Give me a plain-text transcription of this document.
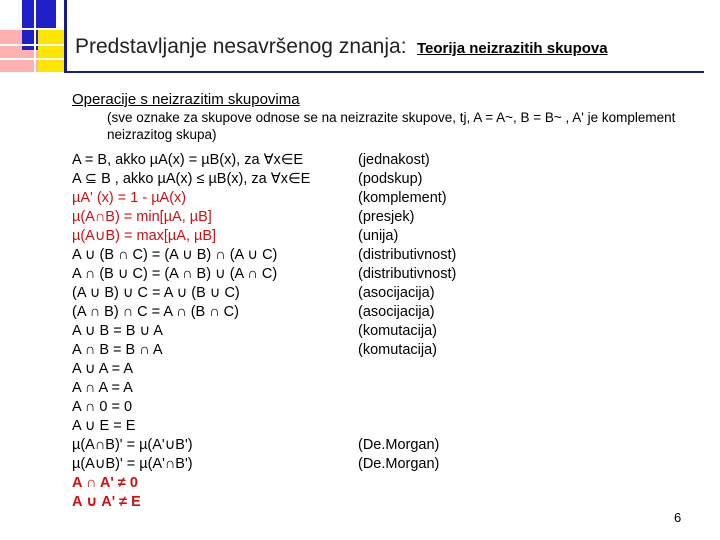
Predstavljanje nesavršenog znanja: Teorija neizrazitih skupova
Operacije s neizrazitim skupovima
(sve oznake za skupove odnose se na neizrazite skupove, tj, A = A~, B = B~ , A' je komplement neizrazitog skupa)
A = B, akko µA(x) = µB(x), za ∀x∈E	(jednakost)
A ⊆ B , akko µA(x) ≤ µB(x), za ∀x∈E	(podskup)
µA' (x) = 1 - µA(x)	(komplement)
µ(A∩B) = min[µA, µB]	(presjek)
µ(A∪B) = max[µA, µB]	(unija)
A ∪ (B ∩ C) = (A ∪ B) ∩ (A ∪ C)	(distributivnost)
A ∩ (B ∪ C) = (A ∩ B) ∪ (A ∩ C)	(distributivnost)
(A ∪ B) ∪ C = A ∪ (B ∪ C)	(asocijacija)
(A ∩ B) ∩ C = A ∩ (B ∩ C)	(asocijacija)
A ∪ B = B ∪ A	(komutacija)
A ∩ B = B ∩ A	(komutacija)
A ∪ A = A
A ∩ A = A
A ∩ 0 = 0
A ∪ E = E
µ(A∩B)' = µ(A'∪B')	(De.Morgan)
µ(A∪B)' = µ(A'∩B')	(De.Morgan)
A ∩ A' ≠ 0
A ∪ A' ≠ E
6
